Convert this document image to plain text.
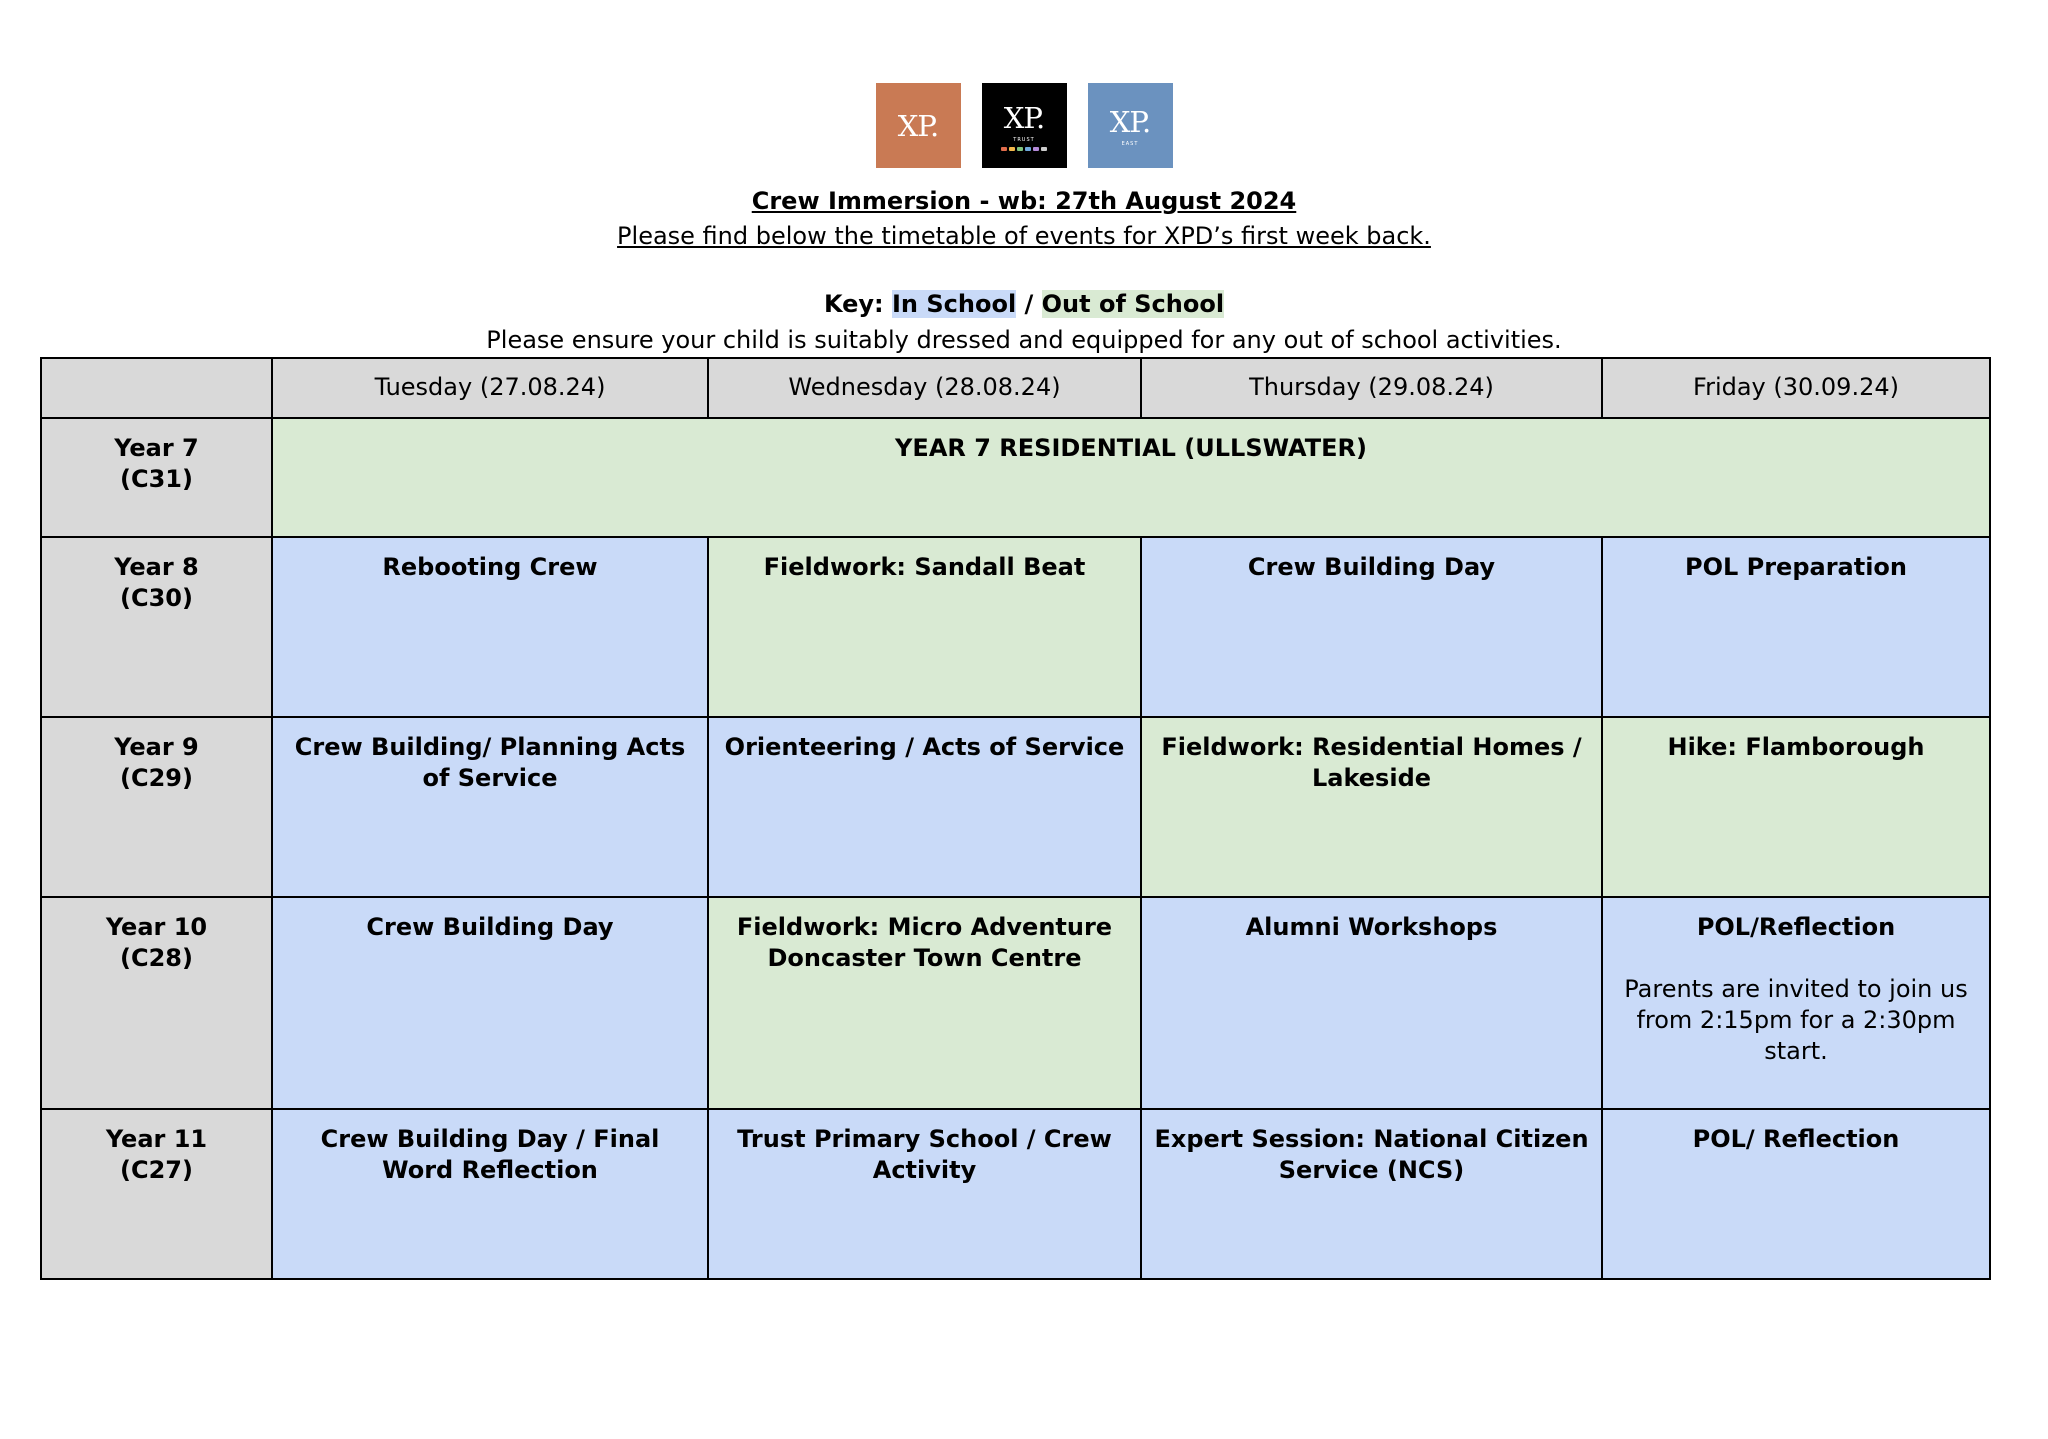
XP. XP.
TRUST
XP.
EAST
Crew Immersion - wb: 27th August 2024
Please find below the timetable of events for XPD’s first week back.
Key: In School / Out of School
Please ensure your child is suitably dressed and equipped for any out of school activities.
	Tuesday (27.08.24)	Wednesday (28.08.24)	Thursday (29.08.24)	Friday (30.09.24)
Year 7
(C31)	YEAR 7 RESIDENTIAL (ULLSWATER)			
Year 8
(C30)	Rebooting Crew	Fieldwork: Sandall Beat	Crew Building Day	POL Preparation
Year 9
(C29)	Crew Building/ Planning Acts of Service	Orienteering / Acts of Service	Fieldwork: Residential Homes / Lakeside	Hike: Flamborough
Year 10
(C28)	Crew Building Day	Fieldwork: Micro Adventure Doncaster Town Centre	Alumni Workshops	POL/Reflection
Parents are invited to join us from 2:15pm for a 2:30pm start.

Year 11
(C27)	Crew Building Day / Final Word Reflection	Trust Primary School / Crew Activity	Expert Session: National Citizen Service (NCS)	POL/ Reflection
